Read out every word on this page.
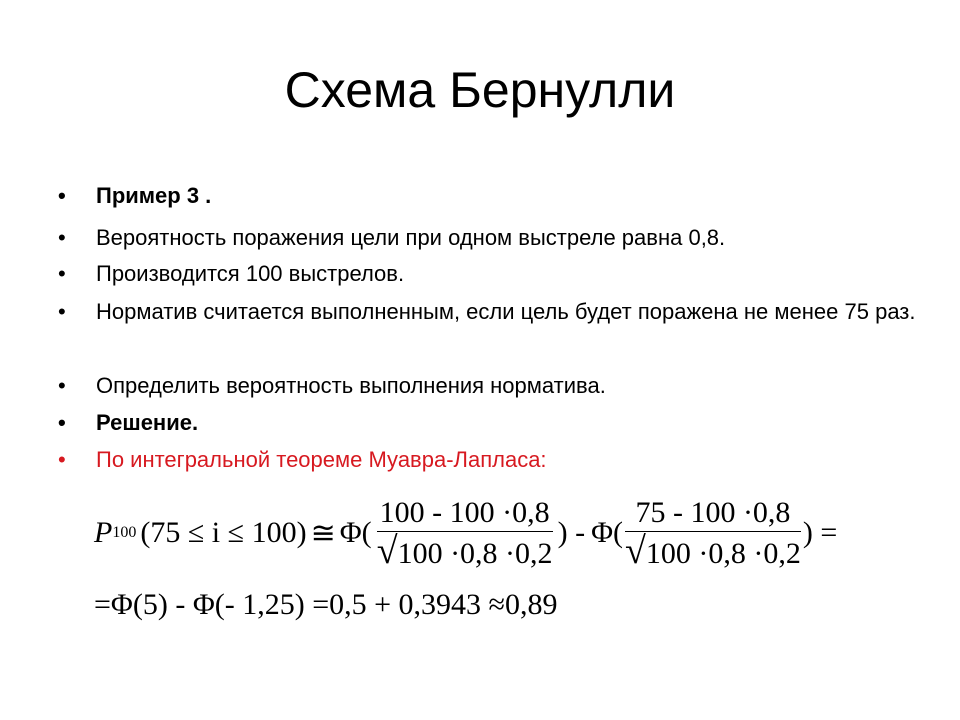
Схема Бернулли
• Пример 3 .
• Вероятность поражения цели при одном выстреле равна 0,8.
• Производится 100 выстрелов.
• Норматив считается выполненным, если цель будет поражена не менее 75 раз.
• Определить вероятность выполнения норматива.
• Решение.
• По интегральной теореме Муавра-Лапласа:
P 100 (75 ≤ i ≤ 100) ≅ $\Phi( \frac{100 - 100 \cdot 0,8}{√ 100 \cdot 0,8 \cdot 0,2}$ ) - $\Phi( \frac{75 - 100 \cdot 0,8}{√ 100 \cdot 0,8 \cdot 0,2}$ ) =
=Φ(5) - Φ(- 1,25) =0,5 + 0,3943 ≈0,89
